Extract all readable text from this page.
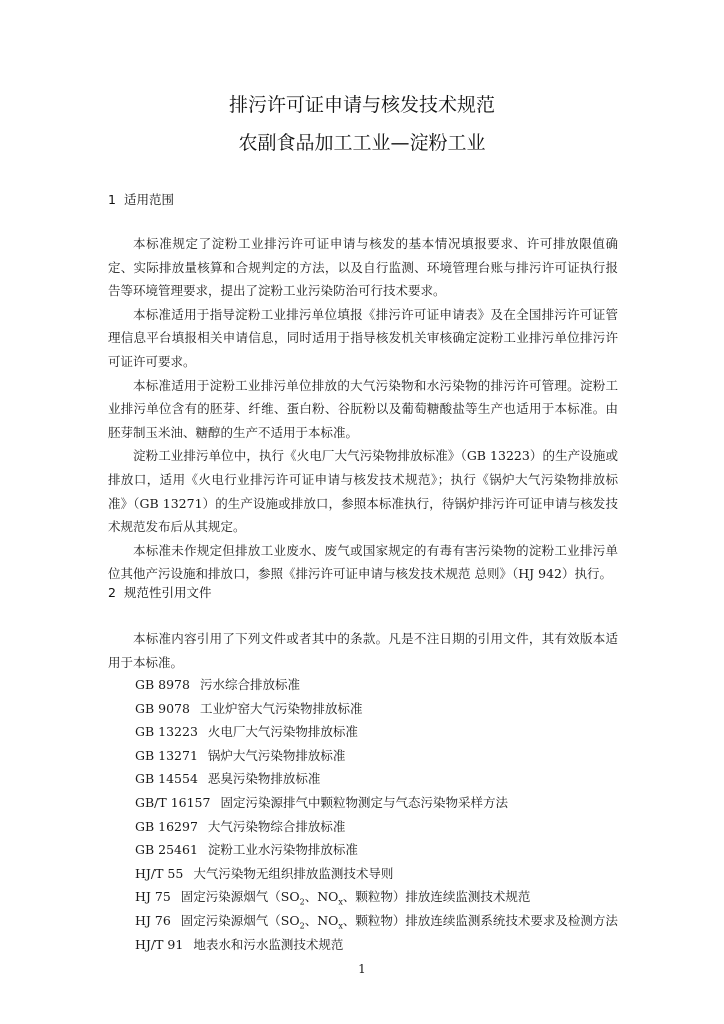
排污许可证申请与核发技术规范
农副食品加工工业—淀粉工业
1 适用范围

本标准规定了淀粉工业排污许可证申请与核发的基本情况填报要求、许可排放限值确定、实际排放量核算和合规判定的方法，以及自行监测、环境管理台账与排污许可证执行报告等环境管理要求，提出了淀粉工业污染防治可行技术要求。

本标准适用于指导淀粉工业排污单位填报《排污许可证申请表》及在全国排污许可证管理信息平台填报相关申请信息，同时适用于指导核发机关审核确定淀粉工业排污单位排污许可证许可要求。

本标准适用于淀粉工业排污单位排放的大气污染物和水污染物的排污许可管理。淀粉工业排污单位含有的胚芽、纤维、蛋白粉、谷朊粉以及葡萄糖酸盐等生产也适用于本标准。由胚芽制玉米油、糖醇的生产不适用于本标准。

淀粉工业排污单位中，执行《火电厂大气污染物排放标准》（GB 13223）的生产设施或排放口，适用《火电行业排污许可证申请与核发技术规范》；执行《锅炉大气污染物排放标准》（GB 13271）的生产设施或排放口，参照本标准执行，待锅炉排污许可证申请与核发技术规范发布后从其规定。

本标准未作规定但排放工业废水、废气或国家规定的有毒有害污染物的淀粉工业排污单位其他产污设施和排放口，参照《排污许可证申请与核发技术规范 总则》（HJ 942）执行。

2 规范性引用文件

本标准内容引用了下列文件或者其中的条款。凡是不注日期的引用文件，其有效版本适用于本标准。

GB 8978 污水综合排放标准
GB 9078 工业炉窑大气污染物排放标准
GB 13223 火电厂大气污染物排放标准
GB 13271 锅炉大气污染物排放标准
GB 14554 恶臭污染物排放标准
GB/T 16157 固定污染源排气中颗粒物测定与气态污染物采样方法
GB 16297 大气污染物综合排放标准
GB 25461 淀粉工业水污染物排放标准
HJ/T 55 大气污染物无组织排放监测技术导则
HJ 75 固定污染源烟气（$SO_2$、$NO_x$、颗粒物）排放连续监测技术规范
HJ 76 固定污染源烟气（$SO_2$、$NO_x$、颗粒物）排放连续监测系统技术要求及检测方法
HJ/T 91 地表水和污水监测技术规范
1
